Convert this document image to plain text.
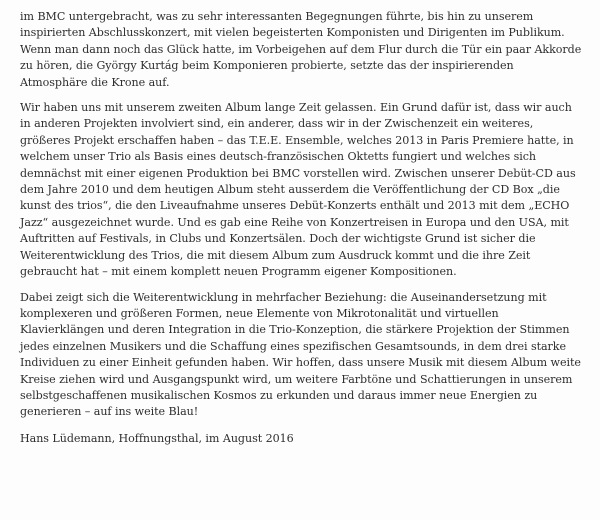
im BMC untergebracht, was zu sehr interessanten Begegnungen führte, bis hin zu unserem inspirierten Abschlusskonzert, mit vielen begeisterten Komponisten und Dirigenten im Publikum. Wenn man dann noch das Glück hatte, im Vorbeigehen auf dem Flur durch die Tür ein paar Akkorde zu hören, die György Kurtág beim Komponieren probierte, setzte das der inspirierenden Atmosphäre die Krone auf.

Wir haben uns mit unserem zweiten Album lange Zeit gelassen. Ein Grund dafür ist, dass wir auch in anderen Projekten involviert sind, ein anderer, dass wir in der Zwischenzeit ein weiteres, größeres Projekt erschaffen haben – das T.E.E. Ensemble, welches 2013 in Paris Premiere hatte, in welchem unser Trio als Basis eines deutsch-französischen Oktetts fungiert und welches sich demnächst mit einer eigenen Produktion bei BMC vorstellen wird. Zwischen unserer Debüt-CD aus dem Jahre 2010 und dem heutigen Album steht ausserdem die Veröffentlichung der CD Box „die kunst des trios“, die den Liveaufnahme unseres Debüt-Konzerts enthält und 2013 mit dem „ECHO Jazz“ ausgezeichnet wurde. Und es gab eine Reihe von Konzertreisen in Europa und den USA, mit Auftritten auf Festivals, in Clubs und Konzertsälen. Doch der wichtigste Grund ist sicher die Weiterentwicklung des Trios, die mit diesem Album zum Ausdruck kommt und die ihre Zeit gebraucht hat – mit einem komplett neuen Programm eigener Kompositionen.

Dabei zeigt sich die Weiterentwicklung in mehrfacher Beziehung: die Auseinandersetzung mit komplexeren und größeren Formen, neue Elemente von Mikrotonalität und virtuellen Klavierklängen und deren Integration in die Trio-Konzeption, die stärkere Projektion der Stimmen jedes einzelnen Musikers und die Schaffung eines spezifischen Gesamtsounds, in dem drei starke Individuen zu einer Einheit gefunden haben. Wir hoffen, dass unsere Musik mit diesem Album weite Kreise ziehen wird und Ausgangspunkt wird, um weitere Farbtöne und Schattierungen in unserem selbstgeschaffenen musikalischen Kosmos zu erkunden und daraus immer neue Energien zu generieren – auf ins weite Blau!

Hans Lüdemann, Hoffnungsthal, im August 2016
